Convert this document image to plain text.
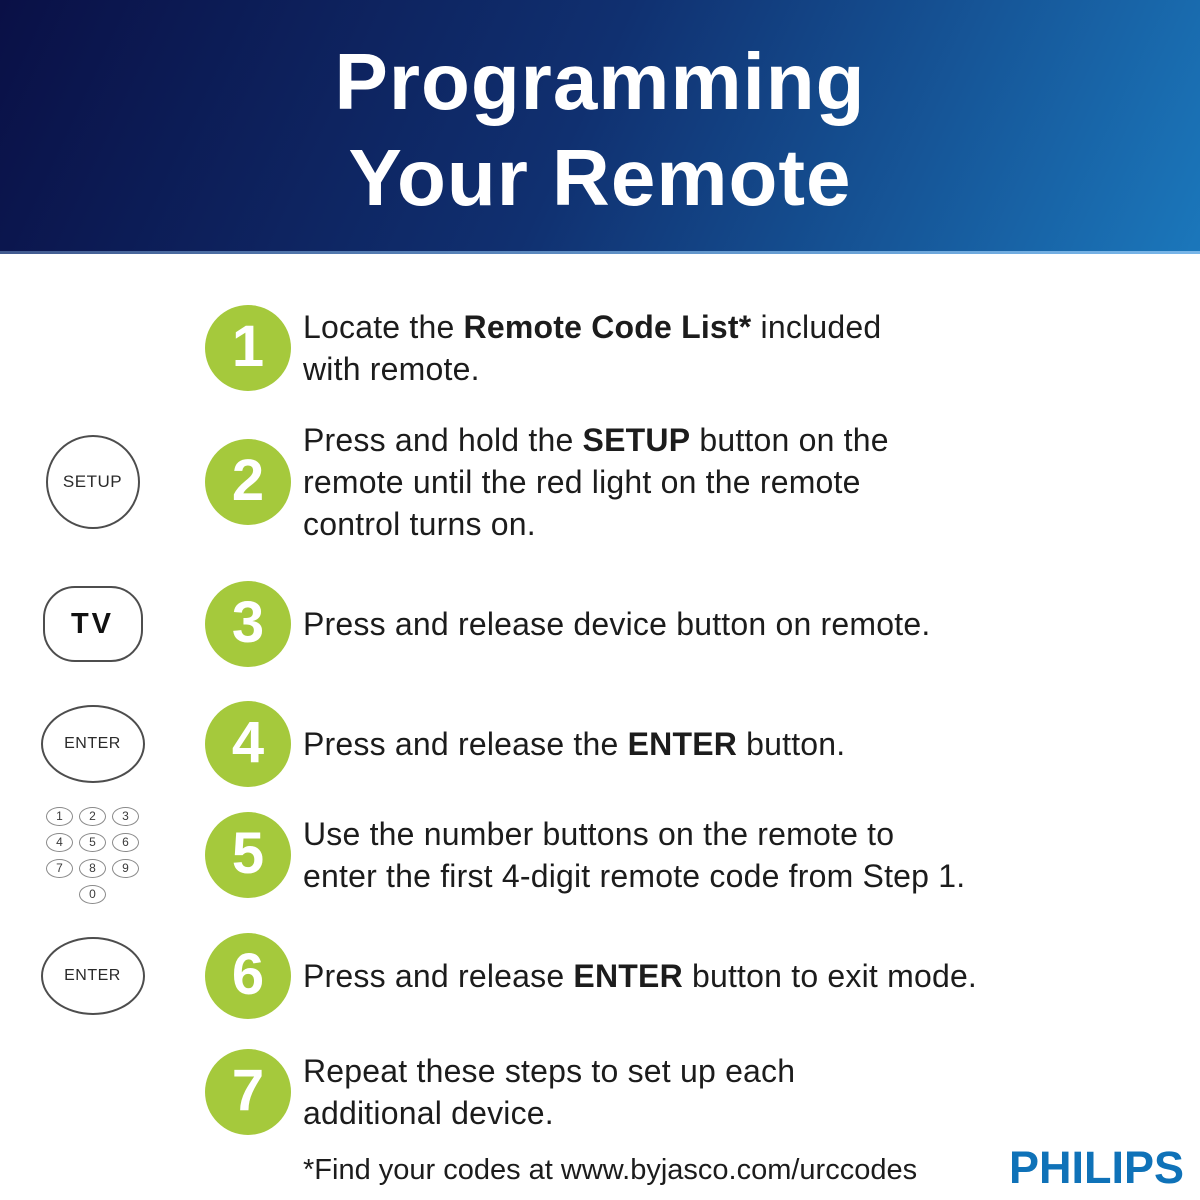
Programming
Your Remote
1 Locate the Remote Code List* included
with remote.
SETUP 2
Press and hold the SETUP button on the
remote until the red light on the remote
control turns on.
TV 3 Press and release device button on remote.
ENTER 4 Press and release the ENTER button.
1	2	3
4	5	6
7	8	9
0
5 Use the number buttons on the remote to
enter the first 4-digit remote code from Step 1.
ENTER 6 Press and release ENTER button to exit mode.
7 Repeat these steps to set up each
additional device.
*Find your codes at www.byjasco.com/urccodes PHILIPS
